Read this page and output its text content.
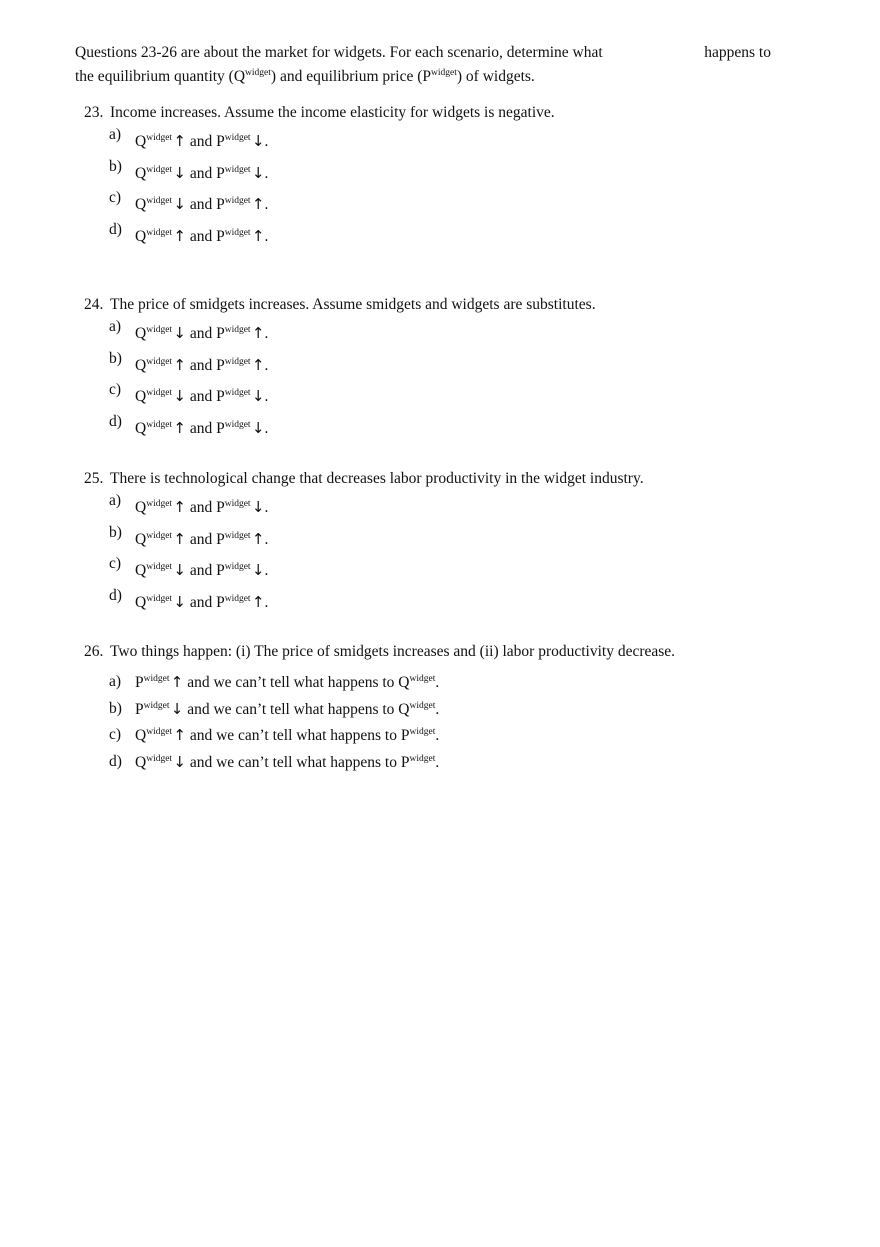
Questions 23-26 are about the market for widgets. For each scenario, determine what	happens to
the equilibrium quantity $(Q^{widget})$ and equilibrium price $(P^{widget})$ of widgets.
23. Income increases. Assume the income elasticity for widgets is negative.
a) $Q^{widget}$ ↑ and $P^{widget}$ ↓.
b) $Q^{widget}$ ↓ and $P^{widget}$ ↓.
c) $Q^{widget}$ ↓ and $P^{widget}$ ↑.
d) $Q^{widget}$ ↑ and $P^{widget}$ ↑.
24. The price of smidgets increases. Assume smidgets and widgets are substitutes.
a) $Q^{widget}$ ↓ and $P^{widget}$ ↑.
b) $Q^{widget}$ ↑ and $P^{widget}$ ↑.
c) $Q^{widget}$ ↓ and $P^{widget}$ ↓.
d) $Q^{widget}$ ↑ and $P^{widget}$ ↓.
25. There is technological change that decreases labor productivity in the widget industry.
a) $Q^{widget}$ ↑ and $P^{widget}$ ↓.
b) $Q^{widget}$ ↑ and $P^{widget}$ ↑.
c) $Q^{widget}$ ↓ and $P^{widget}$ ↓.
d) $Q^{widget}$ ↓ and $P^{widget}$ ↑.
26. Two things happen: (i) The price of smidgets increases and (ii) labor productivity decrease.
a) $P^{widget}$ ↑ and we can’t tell what happens to $Q^{widget}$.
b) $P^{widget}$ ↓ and we can’t tell what happens to $Q^{widget}$.
c) $Q^{widget}$ ↑ and we can’t tell what happens to $P^{widget}$.
d) $Q^{widget}$ ↓ and we can’t tell what happens to $P^{widget}$.
